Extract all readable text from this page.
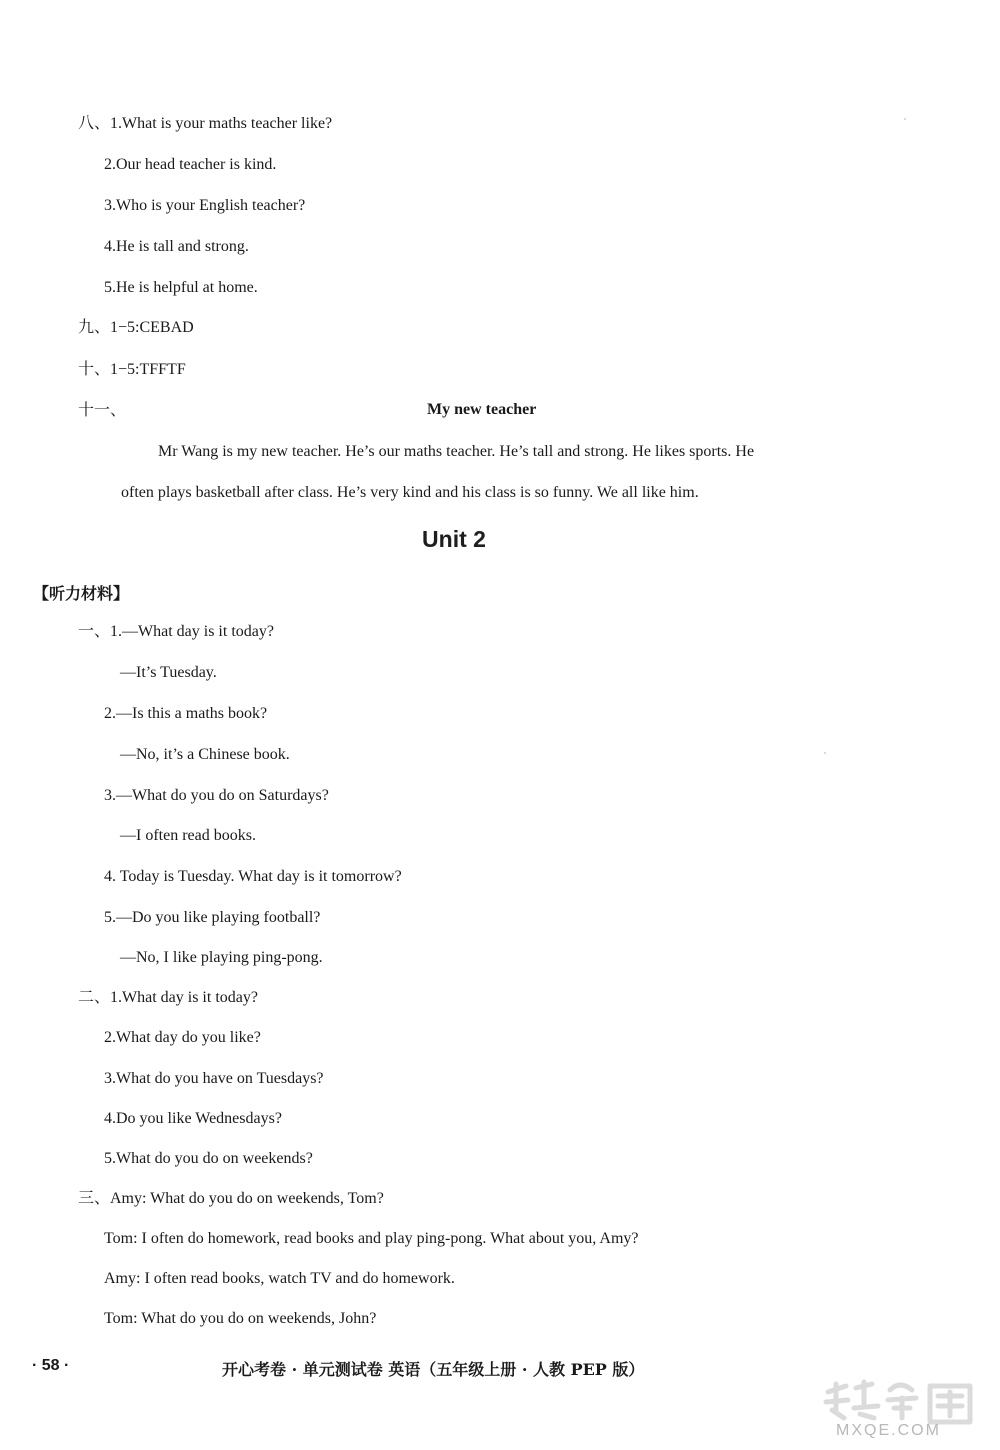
八、1.What is your maths teacher like?
2.Our head teacher is kind.
3.Who is your English teacher?
4.He is tall and strong.
5.He is helpful at home.
九、1−5:CEBAD
十、1−5:TFFTF
十一、	My new teacher
Mr Wang is my new teacher. He’s our maths teacher. He’s tall and strong. He likes sports. He
often plays basketball after class. He’s very kind and his class is so funny. We all like him.
Unit 2
【听力材料】
一、1.—What day is it today?
—It’s Tuesday.
2.—Is this a maths book?
—No, it’s a Chinese book.
3.—What do you do on Saturdays?
—I often read books.
4. Today is Tuesday. What day is it tomorrow?
5.—Do you like playing football?
—No, I like playing ping-pong.
二、1.What day is it today?
2.What day do you like?
3.What do you have on Tuesdays?
4.Do you like Wednesdays?
5.What do you do on weekends?
三、Amy: What do you do on weekends, Tom?
Tom: I often do homework, read books and play ping-pong. What about you, Amy?
Amy: I often read books, watch TV and do homework.
Tom: What do you do on weekends, John?
· 58 ·	开心考卷 · 单元测试卷 英语（五年级上册 · 人教 PEP 版）
MXQE.COM
